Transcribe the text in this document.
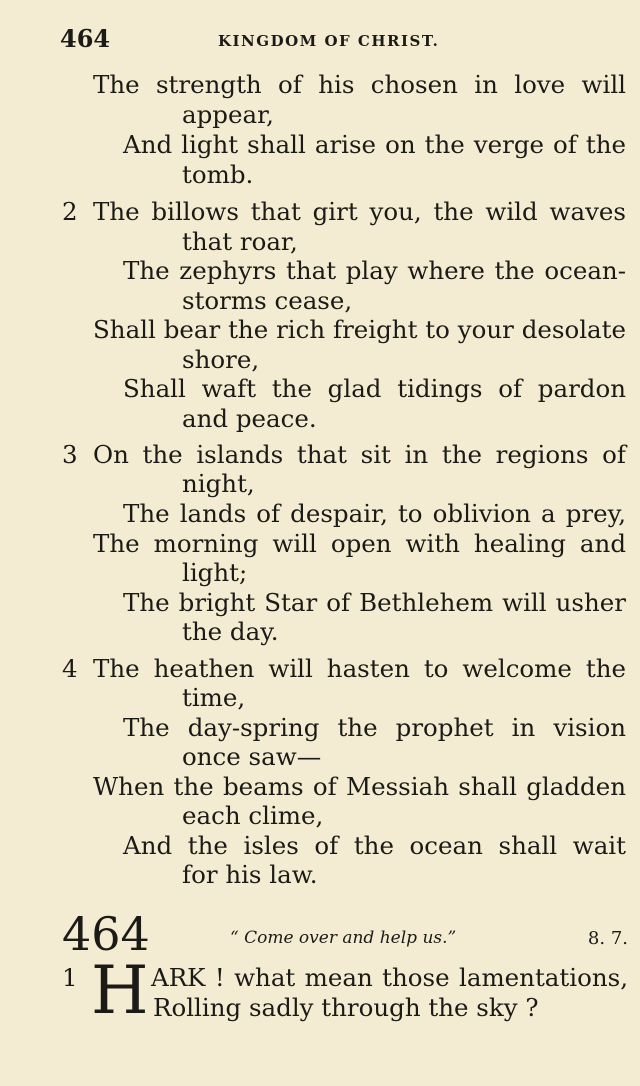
464	KINGDOM OF CHRIST.
The strength of his chosen in love will
appear,
And light shall arise on the verge of the
tomb.
2 The billows that girt you, the wild waves
that roar,
The zephyrs that play where the ocean-
storms cease,
Shall bear the rich freight to your desolate
shore,
Shall waft the glad tidings of pardon
and peace.
3 On the islands that sit in the regions of
night,
The lands of despair, to oblivion a prey,
The morning will open with healing and
light;
The bright Star of Bethlehem will usher
the day.
4 The heathen will hasten to welcome the
time,
The day-spring the prophet in vision
once saw—
When the beams of Messiah shall gladden
each clime,
And the isles of the ocean shall wait
for his law.
464	“ Come over and help us.”	8. 7.
1 H ARK ! what mean those lamentations,
Rolling sadly through the sky ?
